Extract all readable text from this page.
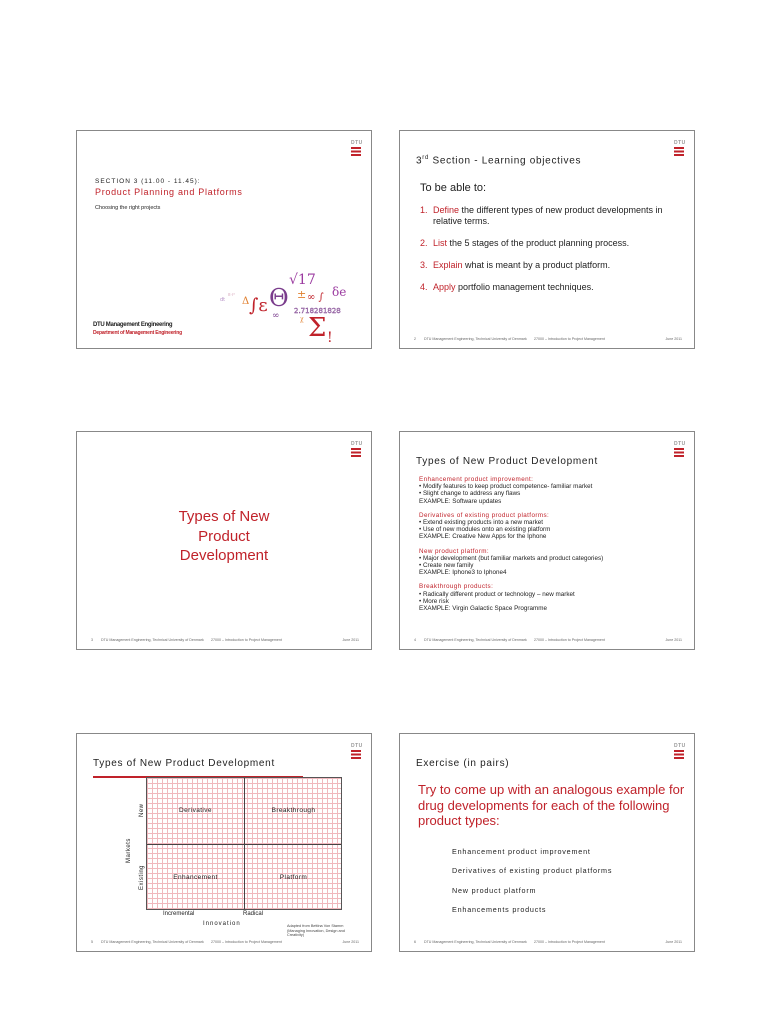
DTU
SECTION 3 (11.00 - 11.45):
Product Planning and Platforms
Choosing the right projects
dt Δ ∫ε Θ
√17
± ∞ ∫ δe
∞ 2.718281828
χ Σ !
π·r²
DTU Management Engineering
Department of Management Engineering
DTU
3rd Section - Learning objectives
To be able to:
1. Define the different types of new product developments in relative terms.
2. List the 5 stages of the product planning process.
3. Explain what is meant by a product platform.
4. Apply portfolio management techniques.
2	DTU Management Engineering, Technical University of Denmark	27000 – Introduction to Project Management	June 2011
DTU
Types of New
Product
Development
3	DTU Management Engineering, Technical University of Denmark	27000 – Introduction to Project Management	June 2011
DTU
Types of New Product Development
Enhancement product improvement:
• Modify features to keep product competence- familiar market
• Slight change to address any flaws
EXAMPLE: Software updates
Derivatives of existing product platforms:
• Extend existing products into a new market
• Use of new modules onto an existing platform
EXAMPLE: Creative New Apps for the Iphone
New product platform:
• Major development (but familiar markets and product categories)
• Create new family
EXAMPLE: Iphone3 to Iphone4
Breakthrough products:
• Radically different product or technology – new market
• More risk
EXAMPLE: Virgin Galactic Space Programme
4	DTU Management Engineering, Technical University of Denmark	27000 – Introduction to Project Management	June 2011
DTU
Types of New Product Development
Derivative	Breakthrough
Enhancement	Platform
Markets
New
Existing
Incremental	Radical
Innovation	Adapted from Bettina Von Stamm (Managing Innovation, Design and Creativity)
5	DTU Management Engineering, Technical University of Denmark	27000 – Introduction to Project Management	June 2011
DTU
Exercise (in pairs)
Try to come up with an analogous example for drug developments for each of the following product types:
Enhancement product improvement
Derivatives of existing product platforms
New product platform
Enhancements products
6	DTU Management Engineering, Technical University of Denmark	27000 – Introduction to Project Management	June 2011
